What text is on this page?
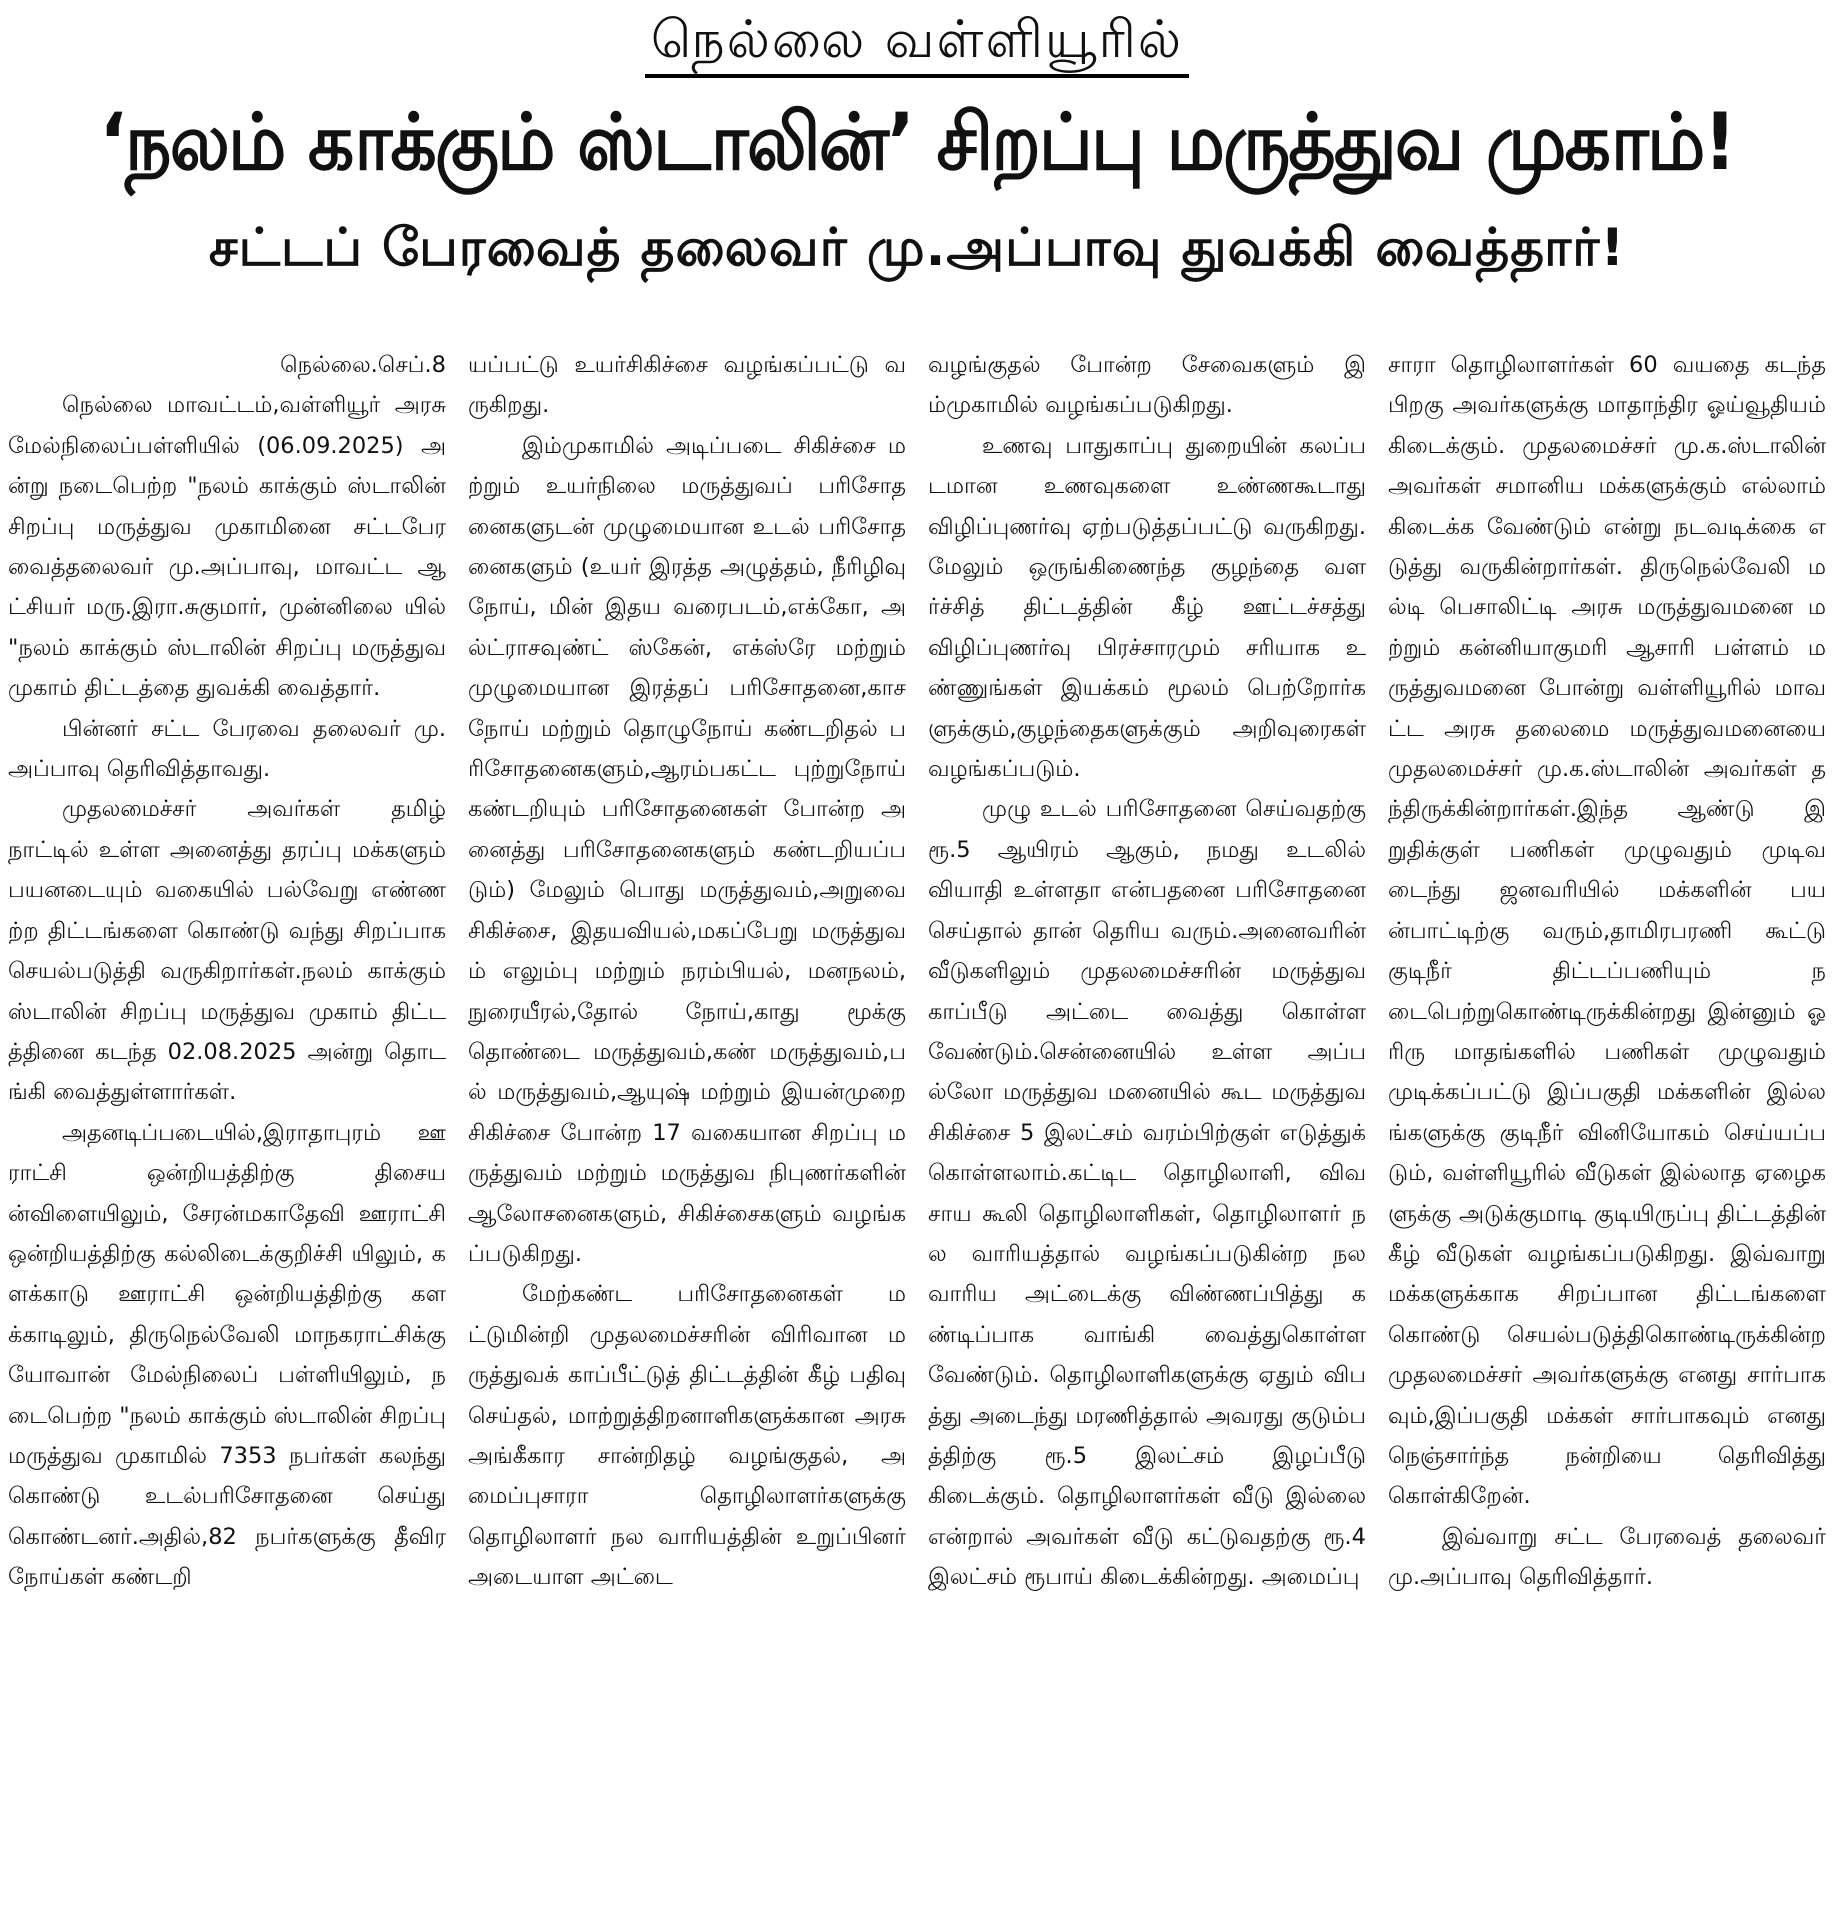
நெல்லை வள்ளியூரில்
‘நலம் காக்கும் ஸ்டாலின்’ சிறப்பு மருத்துவ முகாம்!
சட்டப் பேரவைத் தலைவர் மு.அப்பாவு துவக்கி வைத்தார்!

நெல்லை.செப்.8

நெல்லை மாவட்டம்,வள்ளியூர் அரசு மேல்நிலைப்பள்ளியில் (06.09.2025) அன்று நடைபெற்ற "நலம் காக்கும் ஸ்டாலின் சிறப்பு மருத்துவ முகாமினை சட்டபேரவைத்தலைவர் மு.அப்பாவு, மாவட்ட ஆட்சியர் மரு.இரா.சுகுமார், முன்னிலை யில் "நலம் காக்கும் ஸ்டாலின் சிறப்பு மருத்துவ முகாம் திட்டத்தை துவக்கி வைத்தார்.

பின்னர் சட்ட பேரவை தலைவர் மு.அப்பாவு தெரிவித்தாவது.

முதலமைச்சர் அவர்கள் தமிழ் நாட்டில் உள்ள அனைத்து தரப்பு மக்களும் பயனடையும் வகையில் பல்வேறு எண்ணற்ற திட்டங்களை கொண்டு வந்து சிறப்பாக செயல்படுத்தி வருகிறார்கள்.நலம் காக்கும் ஸ்டாலின் சிறப்பு மருத்துவ முகாம் திட்டத்தினை கடந்த 02.08.2025 அன்று தொடங்கி வைத்துள்ளார்கள்.

அதனடிப்படையில்,இராதாபுரம் ஊராட்சி ஒன்றியத்திற்கு திசையன்விளையிலும், சேரன்மகாதேவி ஊராட்சி ஒன்றியத்திற்கு கல்லிடைக்குறிச்சி யிலும், களக்காடு ஊராட்சி ஒன்றியத்திற்கு களக்காடிலும், திருநெல்வேலி மாநகராட்சிக்கு யோவான் மேல்நிலைப் பள்ளியிலும், நடைபெற்ற "நலம் காக்கும் ஸ்டாலின் சிறப்பு மருத்துவ முகாமில் 7353 நபர்கள் கலந்து கொண்டு உடல்பரிசோதனை செய்து கொண்டனர்.அதில்,82 நபர்களுக்கு தீவிர நோய்கள் கண்டறி

யப்பட்டு உயர்சிகிச்சை வழங்கப்பட்டு வருகிறது.

இம்முகாமில் அடிப்படை சிகிச்சை மற்றும் உயர்நிலை மருத்துவப் பரிசோதனைகளுடன் முழுமையான உடல் பரிசோதனைகளும் (உயர் இரத்த அழுத்தம், நீரிழிவு நோய், மின் இதய வரைபடம்,எக்கோ, அல்ட்ராசவுண்ட் ஸ்கேன், எக்ஸ்ரே மற்றும் முழுமையான இரத்தப் பரிசோதனை,காசநோய் மற்றும் தொழுநோய் கண்டறிதல் பரிசோதனைகளும்,ஆரம்பகட்ட புற்றுநோய் கண்டறியும் பரிசோதனைகள் போன்ற அனைத்து பரிசோதனைகளும் கண்டறியப்படும்) மேலும் பொது மருத்துவம்,அறுவை சிகிச்சை, இதயவியல்,மகப்பேறு மருத்துவம் எலும்பு மற்றும் நரம்பியல், மனநலம், நுரையீரல்,தோல் நோய்,காது மூக்கு தொண்டை மருத்துவம்,கண் மருத்துவம்,பல் மருத்துவம்,ஆயுஷ் மற்றும் இயன்முறை சிகிச்சை போன்ற 17 வகையான சிறப்பு மருத்துவம் மற்றும் மருத்துவ நிபுணர்களின் ஆலோசனைகளும், சிகிச்சைகளும் வழங்கப்படுகிறது.

மேற்கண்ட பரிசோதனைகள் மட்டுமின்றி முதலமைச்சரின் விரிவான மருத்துவக் காப்பீட்டுத் திட்டத்தின் கீழ் பதிவு செய்தல், மாற்றுத்திறனாளிகளுக்கான அரசு அங்கீகார சான்றிதழ் வழங்குதல், அமைப்புசாரா தொழிலாளர்களுக்கு தொழிலாளர் நல வாரியத்தின் உறுப்பினர் அடையாள அட்டை

வழங்குதல் போன்ற சேவைகளும் இம்முகாமில் வழங்கப்படுகிறது.

உணவு பாதுகாப்பு துறையின் கலப்படமான உணவுகளை உண்ணகூடாது விழிப்புணர்வு ஏற்படுத்தப்பட்டு வருகிறது.மேலும் ஒருங்கிணைந்த குழந்தை வளர்ச்சித் திட்டத்தின் கீழ் ஊட்டச்சத்து விழிப்புணர்வு பிரச்சாரமும் சரியாக உண்ணுங்கள் இயக்கம் மூலம் பெற்றோர்களுக்கும்,குழந்தைகளுக்கும் அறிவுரைகள் வழங்கப்படும்.

முழு உடல் பரிசோதனை செய்வதற்கு ரூ.5 ஆயிரம் ஆகும், நமது உடலில் வியாதி உள்ளதா என்பதனை பரிசோதனை செய்தால் தான் தெரிய வரும்.அனைவரின் வீடுகளிலும் முதலமைச்சரின் மருத்துவ காப்பீடு அட்டை வைத்து கொள்ள வேண்டும்.சென்னையில் உள்ள அப்பல்லோ மருத்துவ மனையில் கூட மருத்துவ சிகிச்சை 5 இலட்சம் வரம்பிற்குள் எடுத்துக் கொள்ளலாம்.கட்டிட தொழிலாளி, விவசாய கூலி தொழிலாளிகள், தொழிலாளர் நல வாரியத்தால் வழங்கப்படுகின்ற நல வாரிய அட்டைக்கு விண்ணப்பித்து கண்டிப்பாக வாங்கி வைத்துகொள்ள வேண்டும். தொழிலாளிகளுக்கு ஏதும் விபத்து அடைந்து மரணித்தால் அவரது குடும்பத்திற்கு ரூ.5 இலட்சம் இழப்பீடு கிடைக்கும். தொழிலாளர்கள் வீடு இல்லை என்றால் அவர்கள் வீடு கட்டுவதற்கு ரூ.4 இலட்சம் ரூபாய் கிடைக்கின்றது. அமைப்பு

சாரா தொழிலாளர்கள் 60 வயதை கடந்த பிறகு அவர்களுக்கு மாதாந்திர ஓய்வூதியம் கிடைக்கும். முதலமைச்சர் மு.க.ஸ்டாலின் அவர்கள் சமானிய மக்களுக்கும் எல்லாம் கிடைக்க வேண்டும் என்று நடவடிக்கை எடுத்து வருகின்றார்கள். திருநெல்வேலி மல்டி பெசாலிட்டி அரசு மருத்துவமனை மற்றும் கன்னியாகுமரி ஆசாரி பள்ளம் மருத்துவமனை போன்று வள்ளியூரில் மாவட்ட அரசு தலைமை மருத்துவமனையை முதலமைச்சர் மு.க.ஸ்டாலின் அவர்கள் தந்திருக்கின்றார்கள்.இந்த ஆண்டு இறுதிக்குள் பணிகள் முழுவதும் முடிவடைந்து ஜனவரியில் மக்களின் பயன்பாட்டிற்கு வரும்,தாமிரபரணி கூட்டு குடிநீர் திட்டப்பணியும் நடைபெற்றுகொண்டிருக்கின்றது இன்னும் ஓரிரு மாதங்களில் பணிகள் முழுவதும் முடிக்கப்பட்டு இப்பகுதி மக்களின் இல்லங்களுக்கு குடிநீர் வினியோகம் செய்யப்படும், வள்ளியூரில் வீடுகள் இல்லாத ஏழைகளுக்கு அடுக்குமாடி குடியிருப்பு திட்டத்தின் கீழ் வீடுகள் வழங்கப்படுகிறது. இவ்வாறு மக்களுக்காக சிறப்பான திட்டங்களை கொண்டு செயல்படுத்திகொண்டிருக்கின்ற முதலமைச்சர் அவர்களுக்கு எனது சார்பாகவும்,இப்பகுதி மக்கள் சார்பாகவும் எனது நெஞ்சார்ந்த நன்றியை தெரிவித்து கொள்கிறேன்.

இவ்வாறு சட்ட பேரவைத் தலைவர் மு.அப்பாவு தெரிவித்தார்.
